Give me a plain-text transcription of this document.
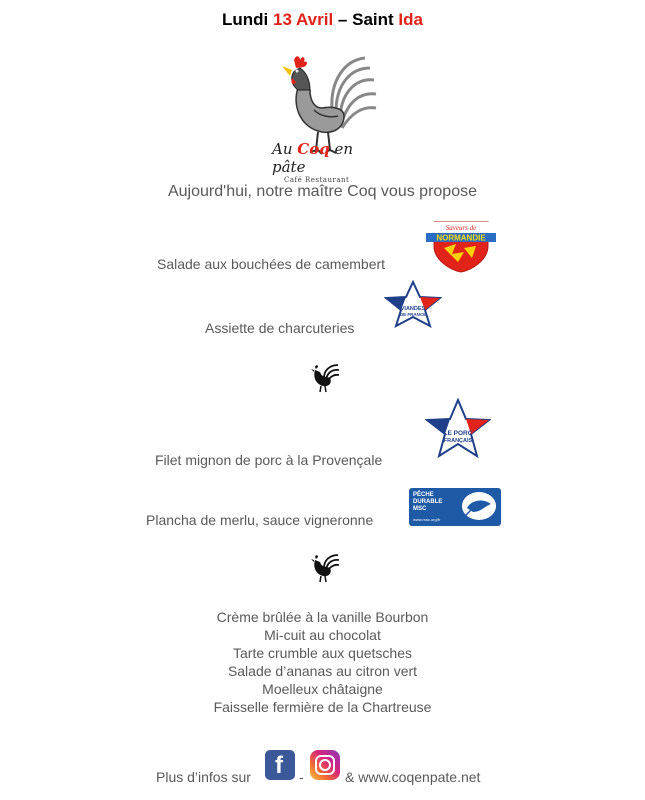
Lundi 13 Avril – Saint Ida
Au Coq en pâte
Café Restaurant
Aujourd'hui, notre maître Coq vous propose
Salade aux bouchées de camembert
Saveurs de
NORMANDIE
Assiette de charcuteries
VIANDES
DE FRANCE
Filet mignon de porc à la Provençale
LE PORC
FRANÇAIS
Plancha de merlu, sauce vigneronne
PÊCHE
DURABLE
MSC
www.msc.org/fr
Crème brûlée à la vanille Bourbon
Mi-cuit au chocolat
Tarte crumble aux quetsches
Salade d’ananas au citron vert
Moelleux châtaigne
Faisselle fermière de la Chartreuse
Plus d’infos sur f -	& www.coqenpate.net
